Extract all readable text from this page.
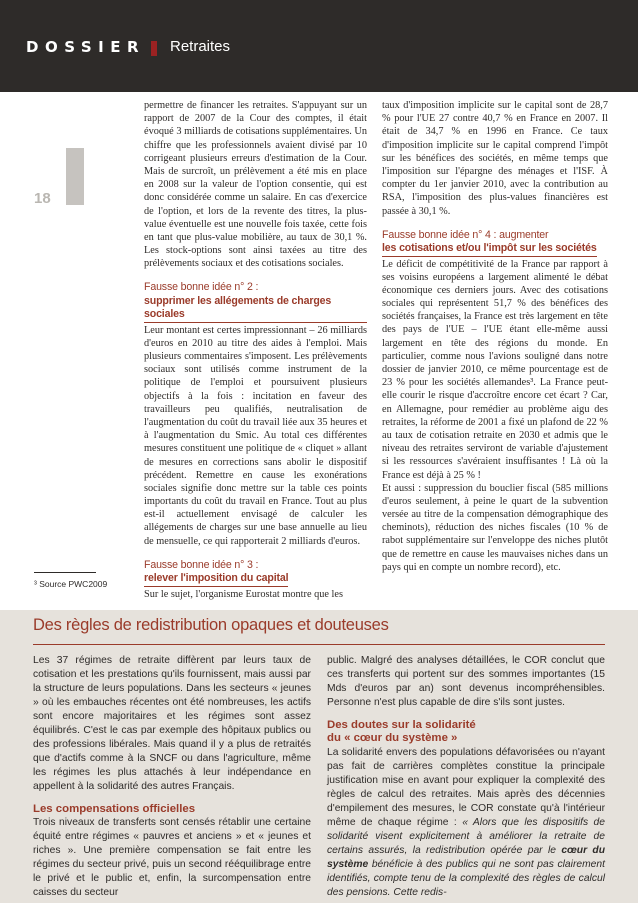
DOSSIER Retraites
18
³ Source PWC2009

permettre de financer les retraites. S'appuyant sur un rapport de 2007 de la Cour des comptes, il était évoqué 3 milliards de cotisations supplémentaires. Un chiffre que les professionnels avaient divisé par 10 corrigeant plusieurs erreurs d'estimation de la Cour. Mais de surcroît, un prélèvement a été mis en place en 2008 sur la valeur de l'option consentie, qui est donc considérée comme un salaire. En cas d'exercice de l'option, et lors de la revente des titres, la plus-value éventuelle est une nouvelle fois taxée, cette fois en tant que plus-value mobilière, au taux de 30,1 %. Les stock-options sont ainsi taxées au titre des prélèvements sociaux et des cotisations sociales.

Fausse bonne idée n° 2 :
supprimer les allégements de charges sociales

Leur montant est certes impressionnant – 26 milliards d'euros en 2010 au titre des aides à l'emploi. Mais plusieurs commentaires s'imposent. Les prélèvements sociaux sont utilisés comme instrument de la politique de l'emploi et poursuivent plusieurs objectifs à la fois : incitation en faveur des travailleurs peu qualifiés, neutralisation de l'augmentation du coût du travail liée aux 35 heures et à l'augmentation du Smic. Au total ces différentes mesures constituent une politique de « cliquet » allant de mesures en corrections sans abolir le dispositif précédent. Remettre en cause les exonérations sociales signifie donc mettre sur la table ces points importants du coût du travail en France. Tout au plus est-il actuellement envisagé de calculer les allégements de charges sur une base annuelle au lieu de mensuelle, ce qui rapporterait 2 milliards d'euros.

Fausse bonne idée n° 3 :
relever l'imposition du capital

Sur le sujet, l'organisme Eurostat montre que les

taux d'imposition implicite sur le capital sont de 28,7 % pour l'UE 27 contre 40,7 % en France en 2007. Il était de 34,7 % en 1996 en France. Ce taux d'imposition implicite sur le capital comprend l'impôt sur les bénéfices des sociétés, en même temps que l'imposition sur l'épargne des ménages et l'ISF. À compter du 1er janvier 2010, avec la contribution au RSA, l'imposition des plus-values financières est passée à 30,1 %.

Fausse bonne idée n° 4 : augmenter
les cotisations et/ou l'impôt sur les sociétés

Le déficit de compétitivité de la France par rapport à ses voisins européens a largement alimenté le débat économique ces derniers jours. Avec des cotisations sociales qui représentent 51,7 % des bénéfices des sociétés françaises, la France est très largement en tête des pays de l'UE – l'UE étant elle-même aussi largement en tête des régions du monde. En particulier, comme nous l'avions souligné dans notre dossier de janvier 2010, ce même pourcentage est de 23 % pour les sociétés allemandes³. La France peut-elle courir le risque d'accroître encore cet écart ? Car, en Allemagne, pour remédier au problème aigu des retraites, la réforme de 2001 a fixé un plafond de 22 % au taux de cotisation retraite en 2030 et admis que le niveau des retraites serviront de variable d'ajustement si les ressources s'avéraient insuffisantes ! Là où la France est déjà à 25 % !

Et aussi : suppression du bouclier fiscal (585 millions d'euros seulement, à peine le quart de la subvention versée au titre de la compensation démographique des cheminots), réduction des niches fiscales (10 % de rabot supplémentaire sur l'enveloppe des niches plutôt que de remettre en cause les mauvaises niches dans un pays qui en compte un nombre record), etc.

Des règles de redistribution opaques et douteuses

Les 37 régimes de retraite diffèrent par leurs taux de cotisation et les prestations qu'ils fournissent, mais aussi par la structure de leurs populations. Dans les secteurs « jeunes » où les embauches récentes ont été nombreuses, les actifs sont encore majoritaires et les régimes sont assez équilibrés. C'est le cas par exemple des hôpitaux publics ou des professions libérales. Mais quand il y a plus de retraités que d'actifs comme à la SNCF ou dans l'agriculture, même les régimes les plus attachés à leur indépendance en appellent à la solidarité des autres Français.

Les compensations officielles

Trois niveaux de transferts sont censés rétablir une certaine équité entre régimes « pauvres et anciens » et « jeunes et riches ». Une première compensation se fait entre les régimes du secteur privé, puis un second rééquilibrage entre le privé et le public et, enfin, la surcompensation entre caisses du secteur

public. Malgré des analyses détaillées, le COR conclut que ces transferts qui portent sur des sommes importantes (15 Mds d'euros par an) sont devenus incompréhensibles. Personne n'est plus capable de dire s'ils sont justes.

Des doutes sur la solidarité
du « cœur du système »

La solidarité envers des populations défavorisées ou n'ayant pas fait de carrières complètes constitue la principale justification mise en avant pour expliquer la complexité des règles de calcul des retraites. Mais après des décennies d'empilement des mesures, le COR constate qu'à l'intérieur même de chaque régime : « Alors que les dispositifs de solidarité visent explicitement à améliorer la retraite de certains assurés, la redistribution opérée par le cœur du système bénéficie à des publics qui ne sont pas clairement identifiés, compte tenu de la complexité des règles de calcul des pensions. Cette redis-
